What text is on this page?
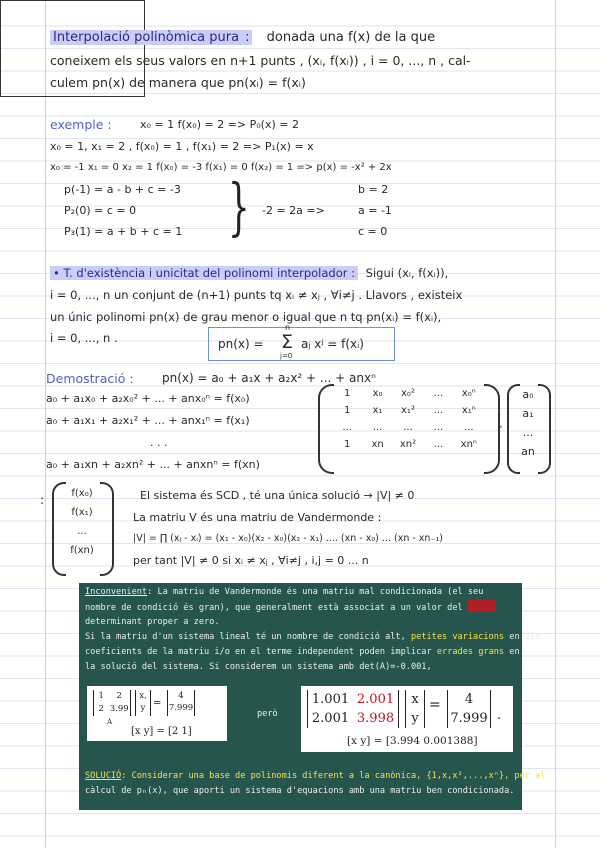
Interpolació polinòmica pura : donada una f(x) de la que
coneixem els seus valors en n+1 punts , (xᵢ, f(xᵢ)) , i = 0, ..., n , cal-
culem pn(x) de manera que pn(xᵢ) = f(xᵢ)
exemple :	x₀ = 1 f(x₀) = 2 => P₀(x) = 2
x₀ = 1, x₁ = 2 , f(x₀) = 1 , f(x₁) = 2 => P₁(x) = x
x₀ = -1 x₁ = 0 x₂ = 1 f(x₀) = -3 f(x₁) = 0 f(x₂) = 1 => p(x) = -x² + 2x
p(-1) = a - b + c = -3
P₂(0) = c = 0
P₃(1) = a + b + c = 1 } -2 = 2a =>
b = 2
a = -1
c = 0
• T. d'existència i unicitat del polinomi interpolador : Sigui (xᵢ, f(xᵢ)),
i = 0, ..., n un conjunt de (n+1) punts tq xᵢ ≠ xⱼ , ∀i≠j . Llavors , existeix
un únic polinomi pn(x) de grau menor o igual que n tq pn(xᵢ) = f(xᵢ),
i = 0, ..., n .	pn(x) = Σ
n
j=0
aⱼ xʲ = f(xᵢ)
Demostració : pn(x) = a₀ + a₁x + a₂x² + ... + anxⁿ
a₀ + a₁x₀ + a₂x₀² + ... + anx₀ⁿ = f(x₀)
a₀ + a₁x₁ + a₂x₁² + ... + anx₁ⁿ = f(x₁)
. . .
a₀ + a₁xn + a₂xn² + ... + anxnⁿ = f(xn)
1	x₀	x₀²	...	x₀ⁿ
1	x₁	x₁²	...	x₁ⁿ
...	...	...	...	...
1	xn	xn²	...	xnⁿ
·
a₀
a₁
...
an
:	f(x₀)
f(x₁)
...
f(xn)
El sistema és SCD , té una única solució → |V| ≠ 0
La matriu V és una matriu de Vandermonde :
|V| = ∏ (xⱼ - xᵢ) = (x₁ - x₀)(x₂ - x₀)(x₂ - x₁) .... (xn - x₀) ... (xn - xn₋₁)
per tant |V| ≠ 0 si xᵢ ≠ xⱼ , ∀i≠j , i,j = 0 ... n
Inconvenient: La matriu de Vandermonde és una matriu mal condicionada (el seu
nombre de condició és gran), que generalment està associat a un valor del
determinant proper a zero.
Si la matriu d'un sistema lineal té un nombre de condició alt, petites variacions en els
coeficients de la matriu i/o en el terme independent poden implicar errades grans en
la solució del sistema. Si considerem un sistema amb det(A)=-0.001,
1	2
2 3.99
A
x,
y =
4
7.999
[x y] = [2 1]
però
1.001 2.001
2.001 3.998
x
y
=	4
7.999 .
[x y] = [3.994 0.001388]
SOLUCIÓ: Considerar una base de polinomis diferent a la canònica, {1,x,x²,...,xⁿ}, per al
càlcul de pₙ(x), que aporti un sistema d'equacions amb una matriu ben condicionada.
